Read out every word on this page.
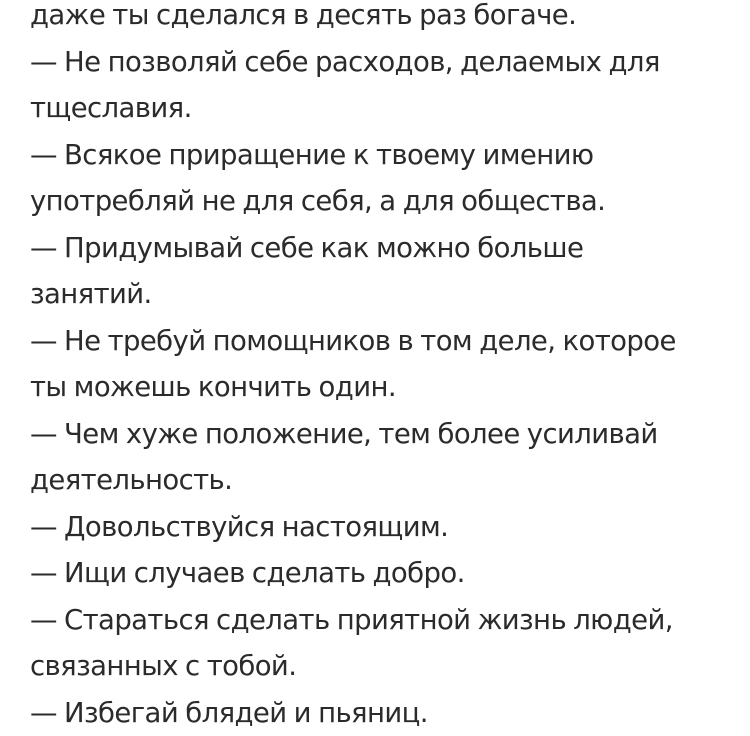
даже ты сделался в десять раз богаче.
— Не позволяй себе расходов, делаемых для
тщеславия.
— Всякое приращение к твоему имению
употребляй не для себя, а для общества.
— Придумывай себе как можно больше
занятий.
— Не требуй помощников в том деле, которое
ты можешь кончить один.
— Чем хуже положение, тем более усиливай
деятельность.
— Довольствуйся настоящим.
— Ищи случаев сделать добро.
— Стараться сделать приятной жизнь людей,
связанных с тобой.
— Избегай блядей и пьяниц.
